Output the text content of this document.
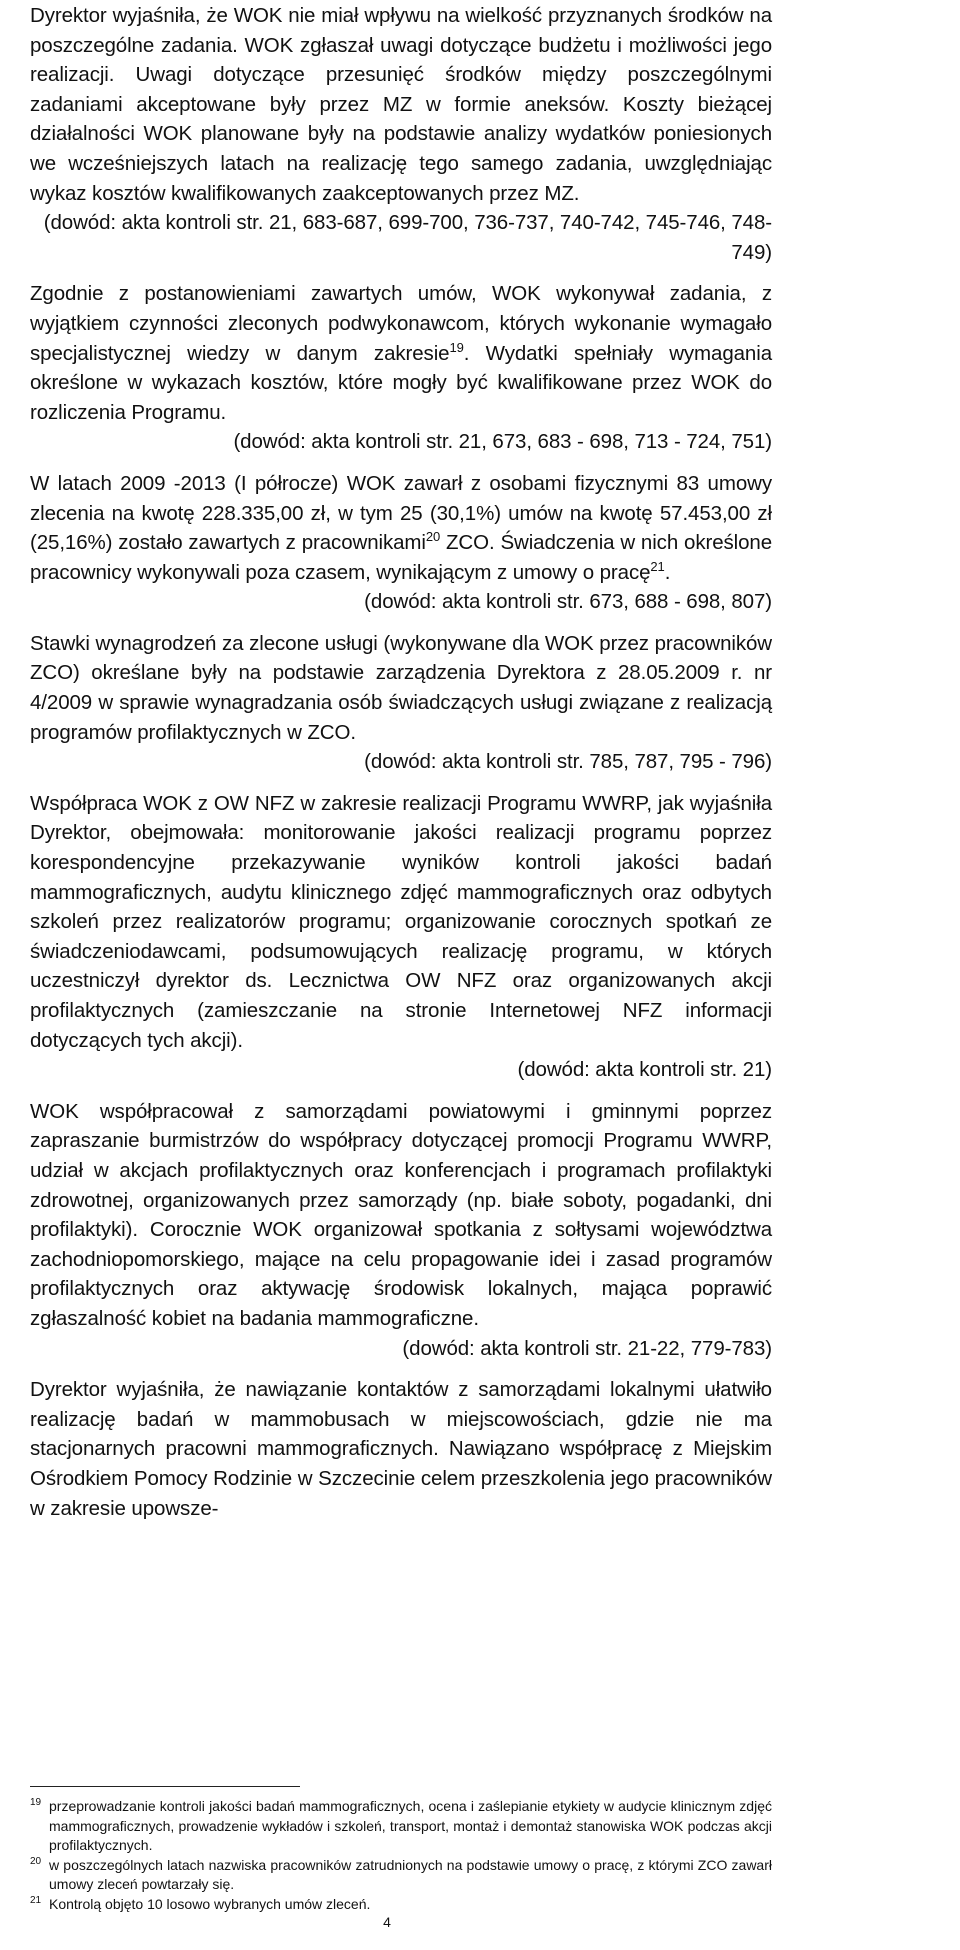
Dyrektor wyjaśniła, że WOK nie miał wpływu na wielkość przyznanych środków na poszczególne zadania. WOK zgłaszał uwagi dotyczące budżetu i możliwości jego realizacji. Uwagi dotyczące przesunięć środków między poszczególnymi zadaniami akceptowane były przez MZ w formie aneksów. Koszty bieżącej działalności WOK planowane były na podstawie analizy wydatków poniesionych we wcześniejszych latach na realizację tego samego zadania, uwzględniając wykaz kosztów kwalifikowanych zaakceptowanych przez MZ.

(dowód: akta kontroli str. 21, 683-687, 699-700, 736-737, 740-742, 745-746, 748-749)

Zgodnie z postanowieniami zawartych umów, WOK wykonywał zadania, z wyjątkiem czynności zleconych podwykonawcom, których wykonanie wymagało specjalistycznej wiedzy w danym zakresie$^{19}$. Wydatki spełniały wymagania określone w wykazach kosztów, które mogły być kwalifikowane przez WOK do rozliczenia Programu.

(dowód: akta kontroli str. 21, 673, 683 - 698, 713 - 724, 751)

W latach 2009 -2013 (I półrocze) WOK zawarł z osobami fizycznymi 83 umowy zlecenia na kwotę 228.335,00 zł, w tym 25 (30,1%) umów na kwotę 57.453,00 zł (25,16%) zostało zawartych z pracownikami$^{20}$ ZCO. Świadczenia w nich określone pracownicy wykonywali poza czasem, wynikającym z umowy o pracę$^{21}$.

(dowód: akta kontroli str. 673, 688 - 698, 807)

Stawki wynagrodzeń za zlecone usługi (wykonywane dla WOK przez pracowników ZCO) określane były na podstawie zarządzenia Dyrektora z 28.05.2009 r. nr 4/2009 w sprawie wynagradzania osób świadczących usługi związane z realizacją programów profilaktycznych w ZCO.

(dowód: akta kontroli str. 785, 787, 795 - 796)

Współpraca WOK z OW NFZ w zakresie realizacji Programu WWRP, jak wyjaśniła Dyrektor, obejmowała: monitorowanie jakości realizacji programu poprzez korespondencyjne przekazywanie wyników kontroli jakości badań mammograficznych, audytu klinicznego zdjęć mammograficznych oraz odbytych szkoleń przez realizatorów programu; organizowanie corocznych spotkań ze świadczeniodawcami, podsumowujących realizację programu, w których uczestniczył dyrektor ds. Lecznictwa OW NFZ oraz organizowanych akcji profilaktycznych (zamieszczanie na stronie Internetowej NFZ informacji dotyczących tych akcji).

(dowód: akta kontroli str. 21)

WOK współpracował z samorządami powiatowymi i gminnymi poprzez zapraszanie burmistrzów do współpracy dotyczącej promocji Programu WWRP, udział w akcjach profilaktycznych oraz konferencjach i programach profilaktyki zdrowotnej, organizowanych przez samorządy (np. białe soboty, pogadanki, dni profilaktyki). Corocznie WOK organizował spotkania z sołtysami województwa zachodniopomorskiego, mające na celu propagowanie idei i zasad programów profilaktycznych oraz aktywację środowisk lokalnych, mająca poprawić zgłaszalność kobiet na badania mammograficzne.

(dowód: akta kontroli str. 21-22, 779-783)

Dyrektor wyjaśniła, że nawiązanie kontaktów z samorządami lokalnymi ułatwiło realizację badań w mammobusach w miejscowościach, gdzie nie ma stacjonarnych pracowni mammograficznych. Nawiązano współpracę z Miejskim Ośrodkiem Pomocy Rodzinie w Szczecinie celem przeszkolenia jego pracowników w zakresie upowsze-

19 przeprowadzanie kontroli jakości badań mammograficznych, ocena i zaślepianie etykiety w audycie klinicznym zdjęć mammograficznych, prowadzenie wykładów i szkoleń, transport, montaż i demontaż stanowiska WOK podczas akcji profilaktycznych.

20 w poszczególnych latach nazwiska pracowników zatrudnionych na podstawie umowy o pracę, z którymi ZCO zawarł umowy zleceń powtarzały się.

21 Kontrolą objęto 10 losowo wybranych umów zleceń.

4
